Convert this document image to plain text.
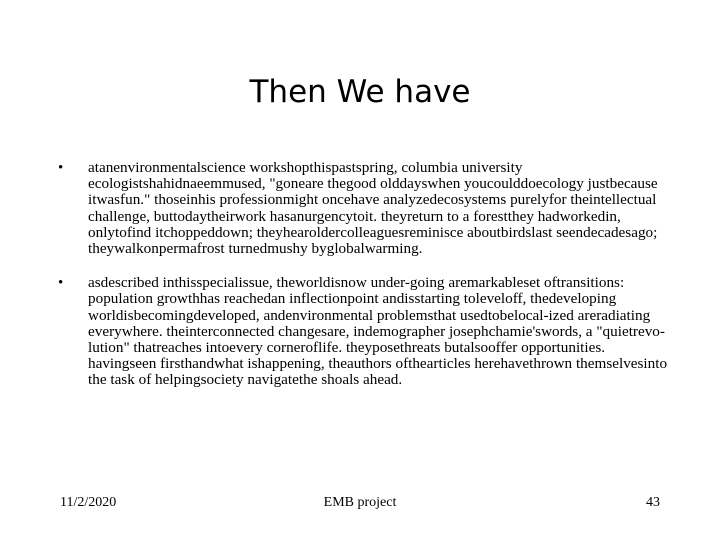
Then We have
• atanenvironmentalscience workshopthispastspring, columbia university ecologistshahidnaeemmused, "goneare thegood olddayswhen youcoulddoecology justbecause itwasfun." thoseinhis professionmight oncehave analyzedecosystems purelyfor theintellectual challenge, buttodaytheirwork hasanurgencytoit. theyreturn to a forestthey hadworkedin, onlytofind itchoppeddown; theyhearoldercolleaguesreminisce aboutbirdslast seendecadesago; theywalkonpermafrost turnedmushy byglobalwarming.
• asdescribed inthisspecialissue, theworldisnow under-going aremarkableset oftransitions: population growthhas reachedan inflectionpoint andisstarting toleveloff, thedeveloping worldisbecomingdeveloped, andenvironmental problemsthat usedtobelocal-ized areradiating everywhere. theinterconnected changesare, indemographer josephchamie'swords, a "quietrevo-lution" thatreaches intoevery corneroflife. theyposethreats butalsooffer opportunities. havingseen firsthandwhat ishappening, theauthors ofthearticles herehavethrown themselvesinto the task of helpingsociety navigatethe shoals ahead.
11/2/2020	EMB project	43
